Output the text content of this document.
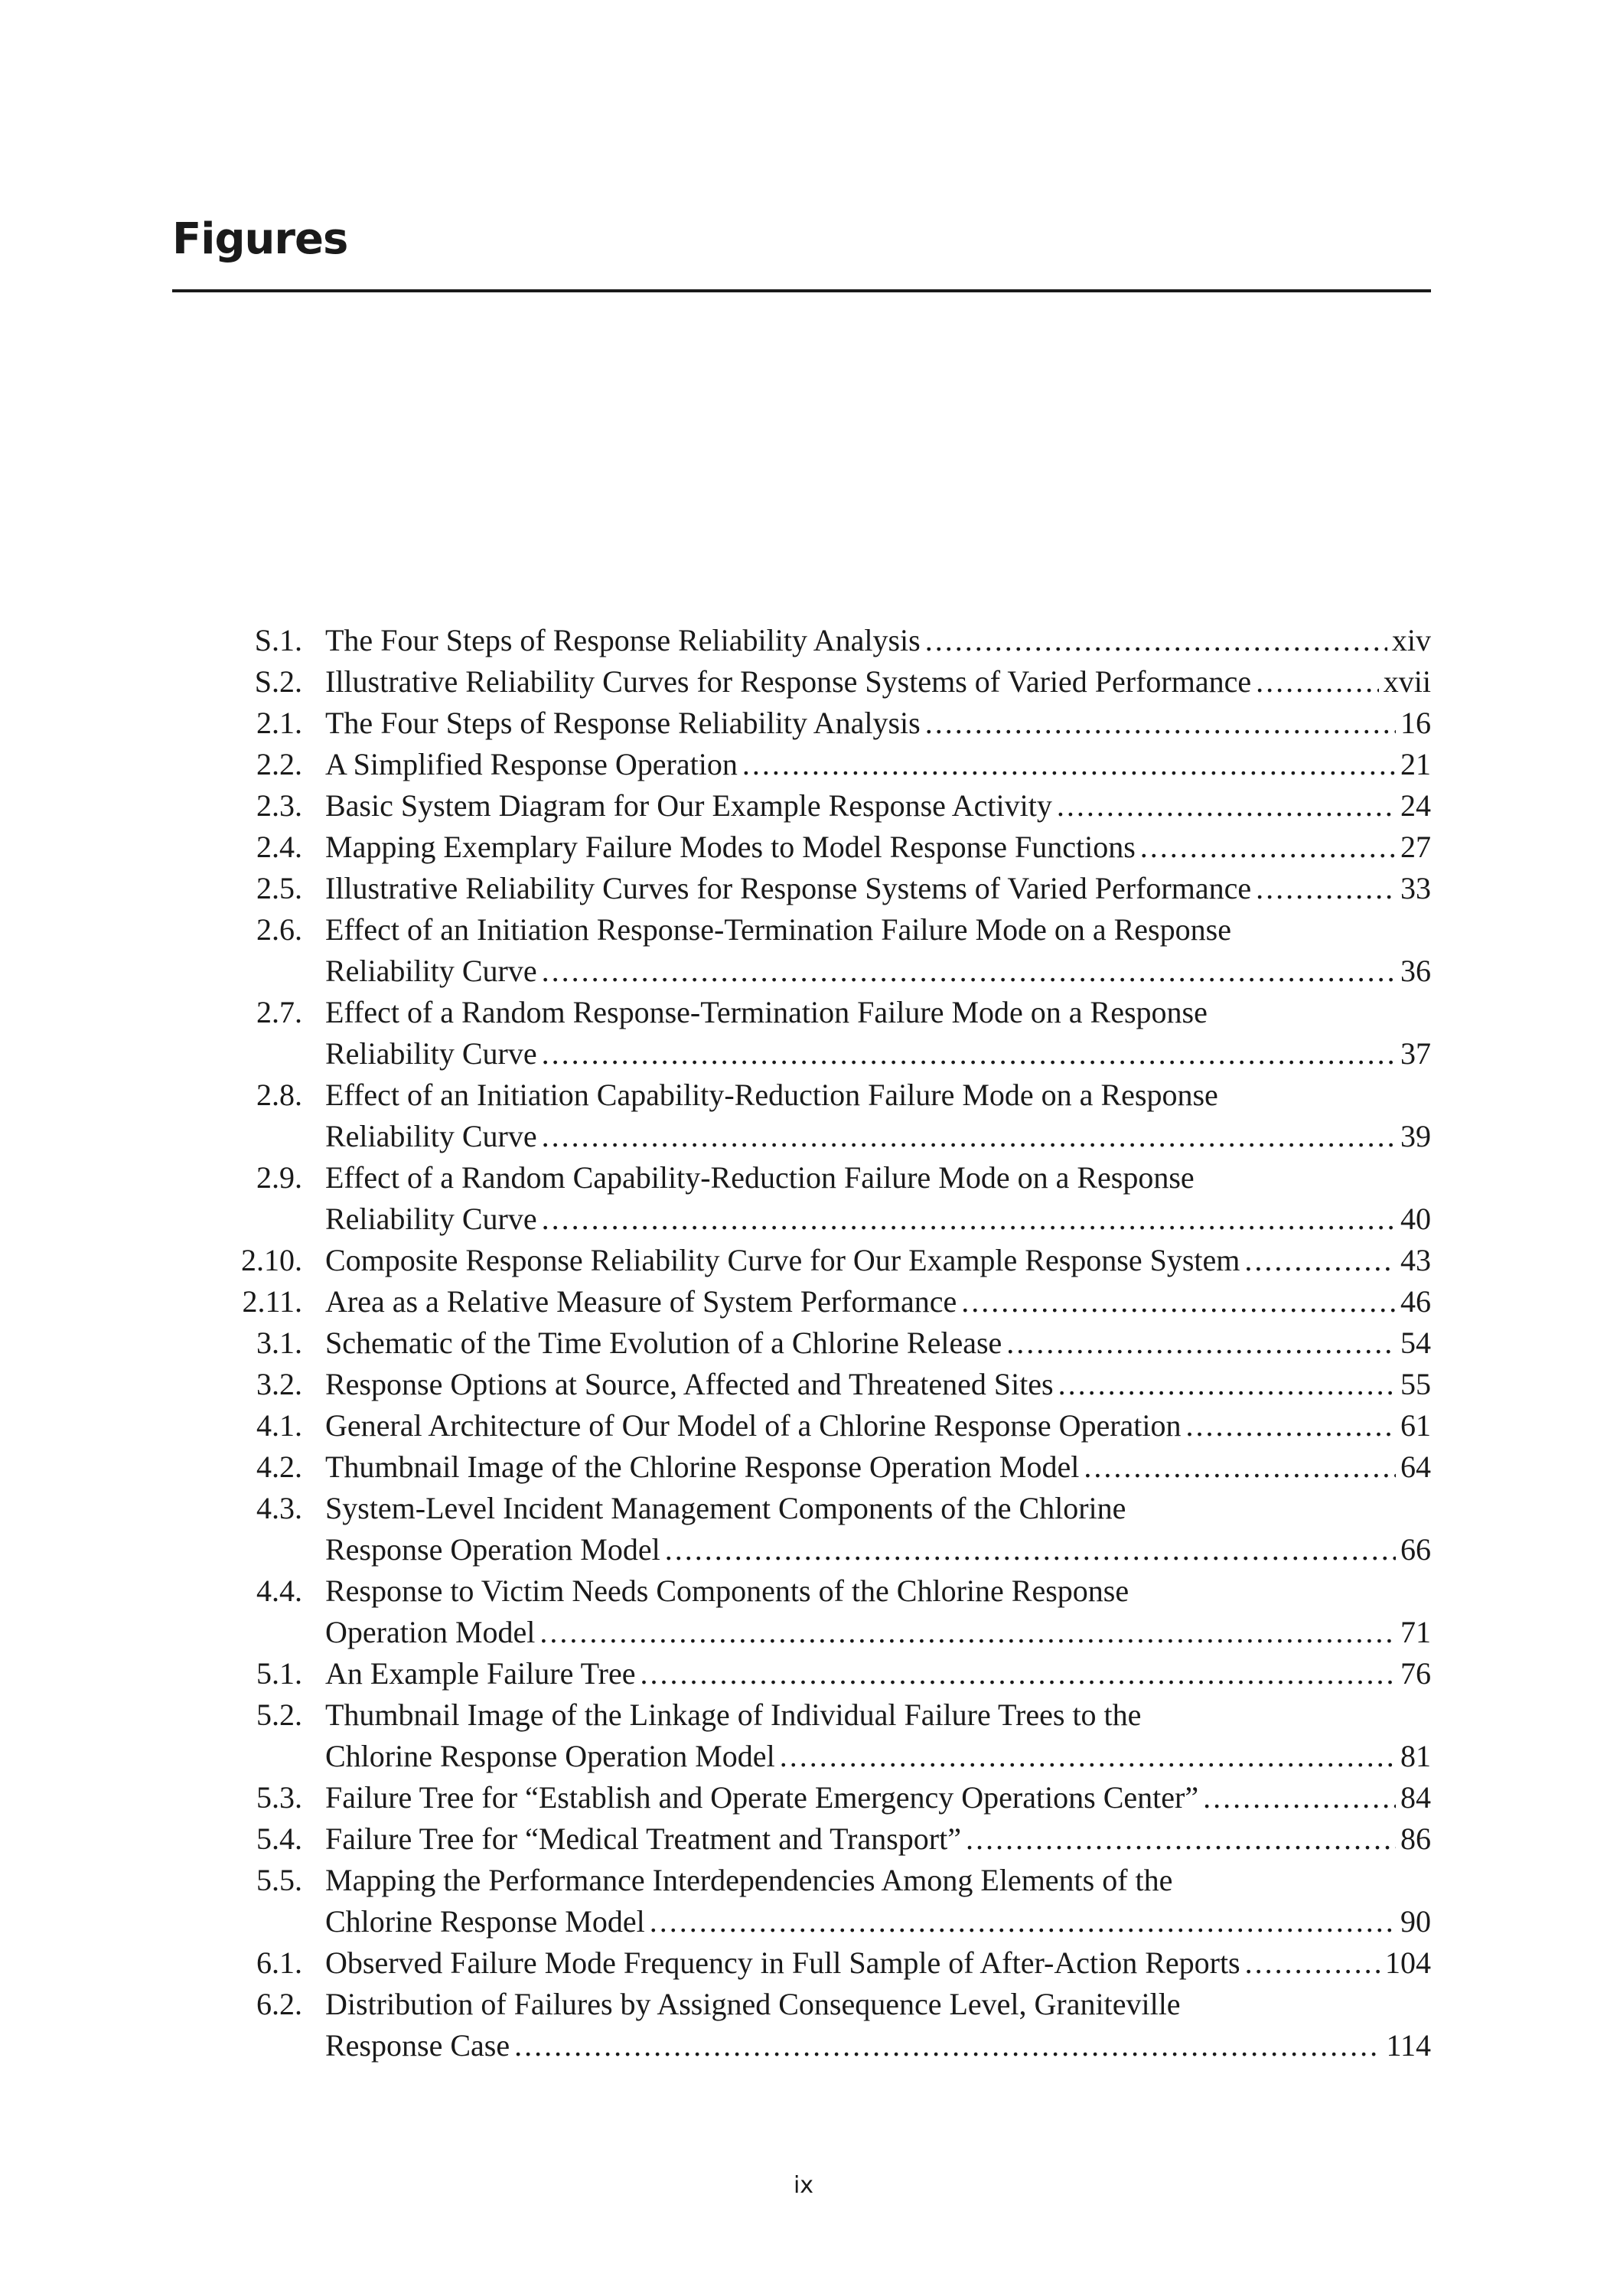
Figures
S.1. The Four Steps of Response Reliability Analysis .....	xiv
S.2. Illustrative Reliability Curves for Response Systems of Varied Performance .....	xvii
2.1. The Four Steps of Response Reliability Analysis .....	16
2.2. A Simplified Response Operation .....	21
2.3. Basic System Diagram for Our Example Response Activity .....	24
2.4. Mapping Exemplary Failure Modes to Model Response Functions .....	27
2.5. Illustrative Reliability Curves for Response Systems of Varied Performance .....	33
2.6. Effect of an Initiation Response-Termination Failure Mode on a Response
Reliability Curve .....	36
2.7. Effect of a Random Response-Termination Failure Mode on a Response
Reliability Curve .....	37
2.8. Effect of an Initiation Capability-Reduction Failure Mode on a Response
Reliability Curve .....	39
2.9. Effect of a Random Capability-Reduction Failure Mode on a Response
Reliability Curve .....	40
2.10. Composite Response Reliability Curve for Our Example Response System .....	43
2.11. Area as a Relative Measure of System Performance .....	46
3.1. Schematic of the Time Evolution of a Chlorine Release .....	54
3.2. Response Options at Source, Affected and Threatened Sites .....	55
4.1. General Architecture of Our Model of a Chlorine Response Operation .....	61
4.2. Thumbnail Image of the Chlorine Response Operation Model .....	64
4.3. System-Level Incident Management Components of the Chlorine
Response Operation Model .....	66
4.4. Response to Victim Needs Components of the Chlorine Response
Operation Model .....	71
5.1. An Example Failure Tree .....	76
5.2. Thumbnail Image of the Linkage of Individual Failure Trees to the
Chlorine Response Operation Model .....	81
5.3. Failure Tree for “Establish and Operate Emergency Operations Center” .....	84
5.4. Failure Tree for “Medical Treatment and Transport” .....	86
5.5. Mapping the Performance Interdependencies Among Elements of the
Chlorine Response Model .....	90
6.1. Observed Failure Mode Frequency in Full Sample of After-Action Reports .....	104
6.2. Distribution of Failures by Assigned Consequence Level, Graniteville
Response Case .....	114
ix
